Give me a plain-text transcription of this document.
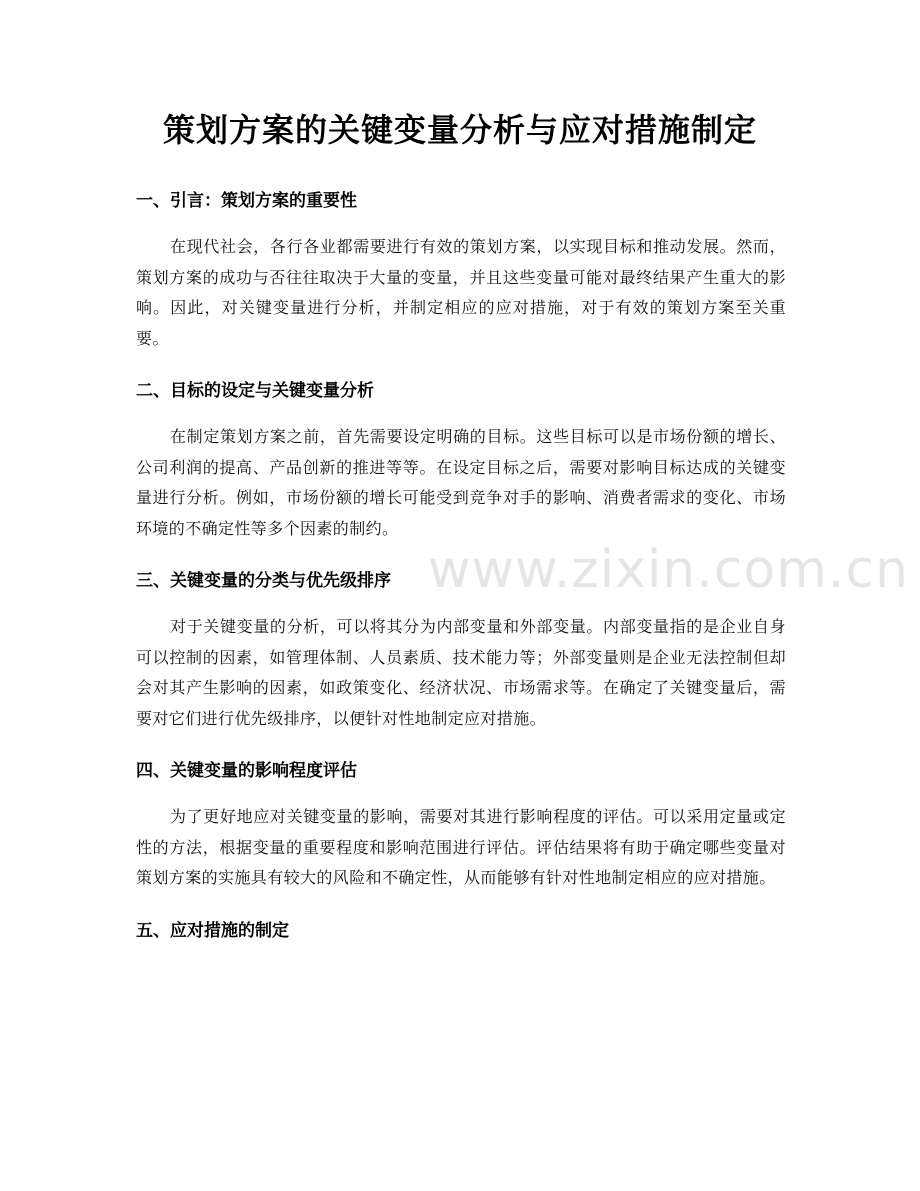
策划方案的关键变量分析与应对措施制定
一、引言：策划方案的重要性

在现代社会，各行各业都需要进行有效的策划方案，以实现目标和推动发展。然而，策划方案的成功与否往往取决于大量的变量，并且这些变量可能对最终结果产生重大的影响。因此，对关键变量进行分析，并制定相应的应对措施，对于有效的策划方案至关重要。

二、目标的设定与关键变量分析

在制定策划方案之前，首先需要设定明确的目标。这些目标可以是市场份额的增长、公司利润的提高、产品创新的推进等等。在设定目标之后，需要对影响目标达成的关键变量进行分析。例如，市场份额的增长可能受到竞争对手的影响、消费者需求的变化、市场环境的不确定性等多个因素的制约。

三、关键变量的分类与优先级排序

对于关键变量的分析，可以将其分为内部变量和外部变量。内部变量指的是企业自身可以控制的因素，如管理体制、人员素质、技术能力等；外部变量则是企业无法控制但却会对其产生影响的因素，如政策变化、经济状况、市场需求等。在确定了关键变量后，需要对它们进行优先级排序，以便针对性地制定应对措施。

四、关键变量的影响程度评估

为了更好地应对关键变量的影响，需要对其进行影响程度的评估。可以采用定量或定性的方法，根据变量的重要程度和影响范围进行评估。评估结果将有助于确定哪些变量对策划方案的实施具有较大的风险和不确定性，从而能够有针对性地制定相应的应对措施。

五、应对措施的制定
www.zixin.com.cn
